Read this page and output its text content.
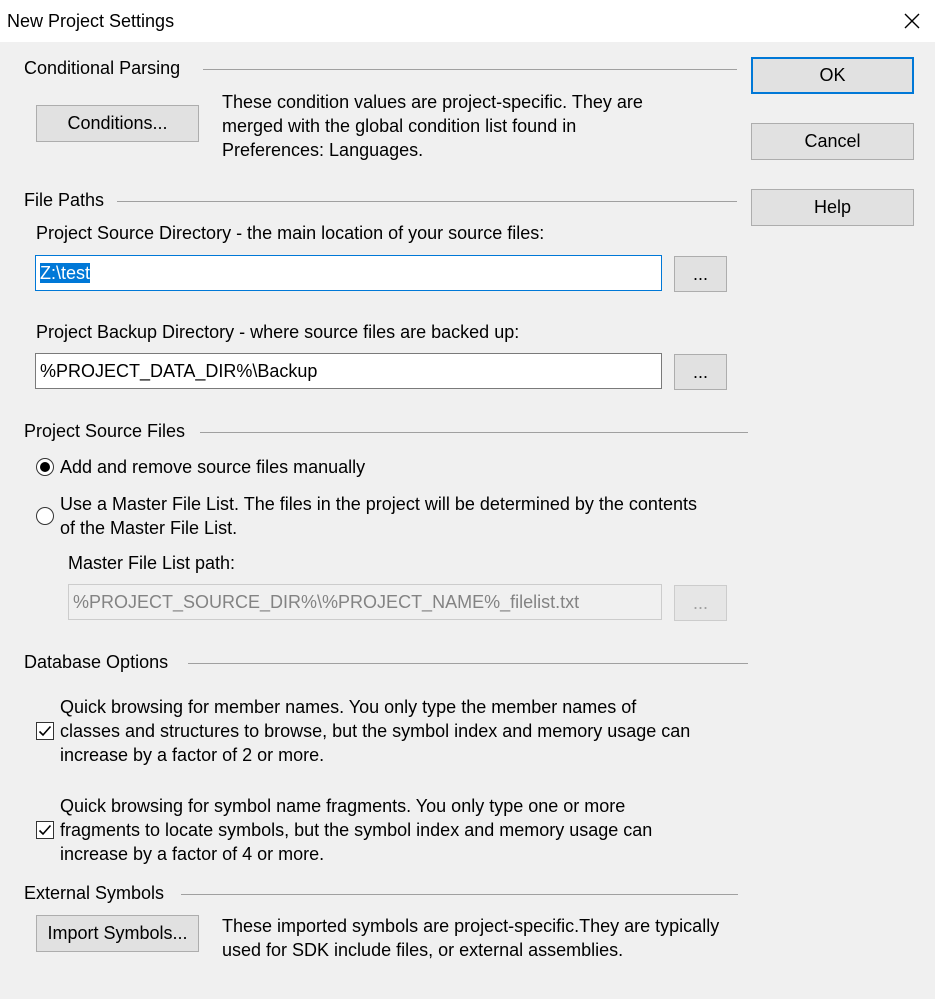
New Project Settings
OK
Cancel
Help
Conditional Parsing
Conditions...
These condition values are project-specific. They are
merged with the global condition list found in
Preferences: Languages.
File Paths
Project Source Directory - the main location of your source files:
Z:\test	...
Project Backup Directory - where source files are backed up:
%PROJECT_DATA_DIR%\Backup	...
Project Source Files
Add and remove source files manually
Use a Master File List. The files in the project will be determined by the contents
of the Master File List.
Master File List path:
%PROJECT_SOURCE_DIR%\%PROJECT_NAME%_filelist.txt	...
Database Options
Quick browsing for member names. You only type the member names of
classes and structures to browse, but the symbol index and memory usage can
increase by a factor of 2 or more.
Quick browsing for symbol name fragments. You only type one or more
fragments to locate symbols, but the symbol index and memory usage can
increase by a factor of 4 or more.
External Symbols
Import Symbols...	These imported symbols are project-specific.They are typically
used for SDK include files, or external assemblies.
